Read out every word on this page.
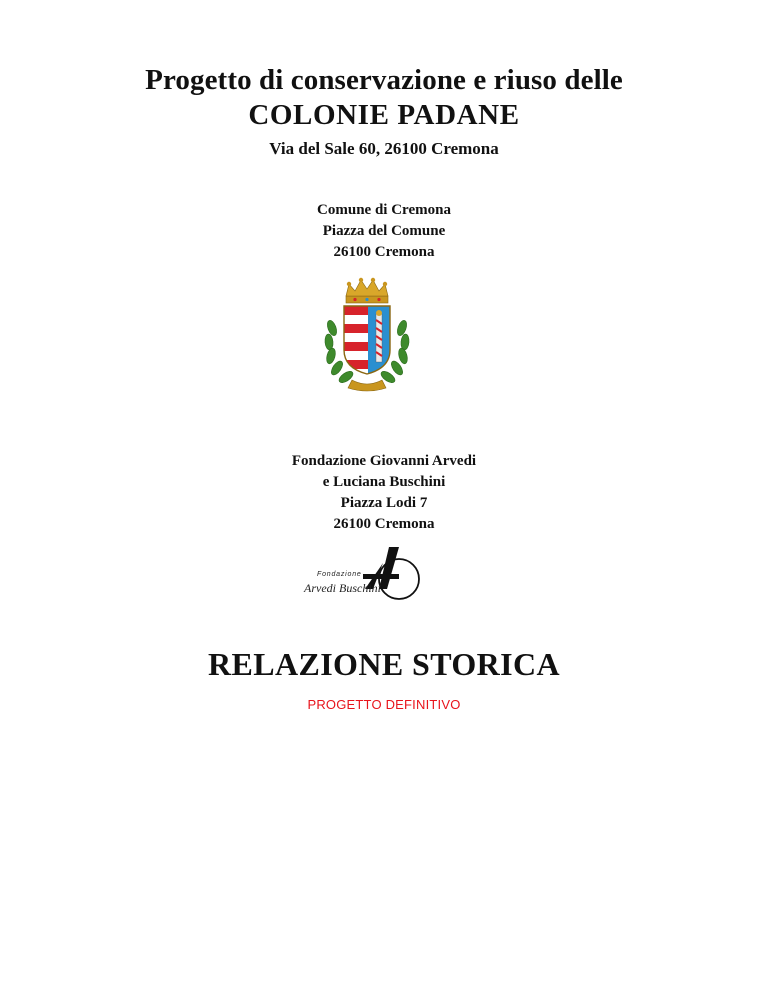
Progetto di conservazione e riuso delle
COLONIE PADANE

Via del Sale 60, 26100 Cremona

Comune di Cremona
Piazza del Comune
26100 Cremona
Fondazione Giovanni Arvedi
e Luciana Buschini
Piazza Lodi 7
26100 Cremona
Fondazione
Arvedi Buschini
RELAZIONE STORICA

PROGETTO DEFINITIVO
